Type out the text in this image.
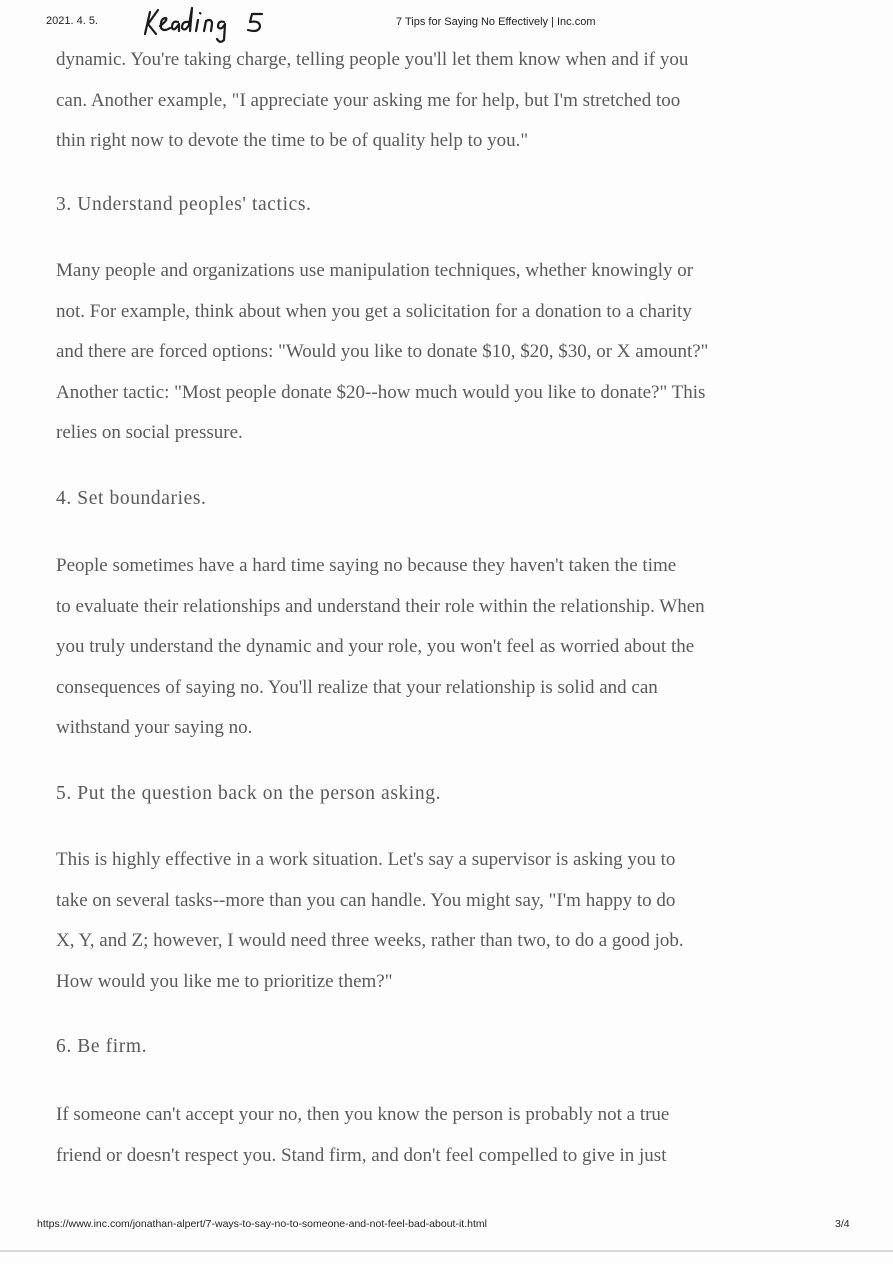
2021. 4. 5.	7 Tips for Saying No Effectively | Inc.com
dynamic. You're taking charge, telling people you'll let them know when and if you
can. Another example, "I appreciate your asking me for help, but I'm stretched too
thin right now to devote the time to be of quality help to you."
3. Understand peoples' tactics.
Many people and organizations use manipulation techniques, whether knowingly or
not. For example, think about when you get a solicitation for a donation to a charity
and there are forced options: "Would you like to donate $10, $20, $30, or X amount?"
Another tactic: "Most people donate $20--how much would you like to donate?" This
relies on social pressure.
4. Set boundaries.
People sometimes have a hard time saying no because they haven't taken the time
to evaluate their relationships and understand their role within the relationship. When
you truly understand the dynamic and your role, you won't feel as worried about the
consequences of saying no. You'll realize that your relationship is solid and can
withstand your saying no.
5. Put the question back on the person asking.
This is highly effective in a work situation. Let's say a supervisor is asking you to
take on several tasks--more than you can handle. You might say, "I'm happy to do
X, Y, and Z; however, I would need three weeks, rather than two, to do a good job.
How would you like me to prioritize them?"
6. Be firm.
If someone can't accept your no, then you know the person is probably not a true
friend or doesn't respect you. Stand firm, and don't feel compelled to give in just
https://www.inc.com/jonathan-alpert/7-ways-to-say-no-to-someone-and-not-feel-bad-about-it.html	3/4
